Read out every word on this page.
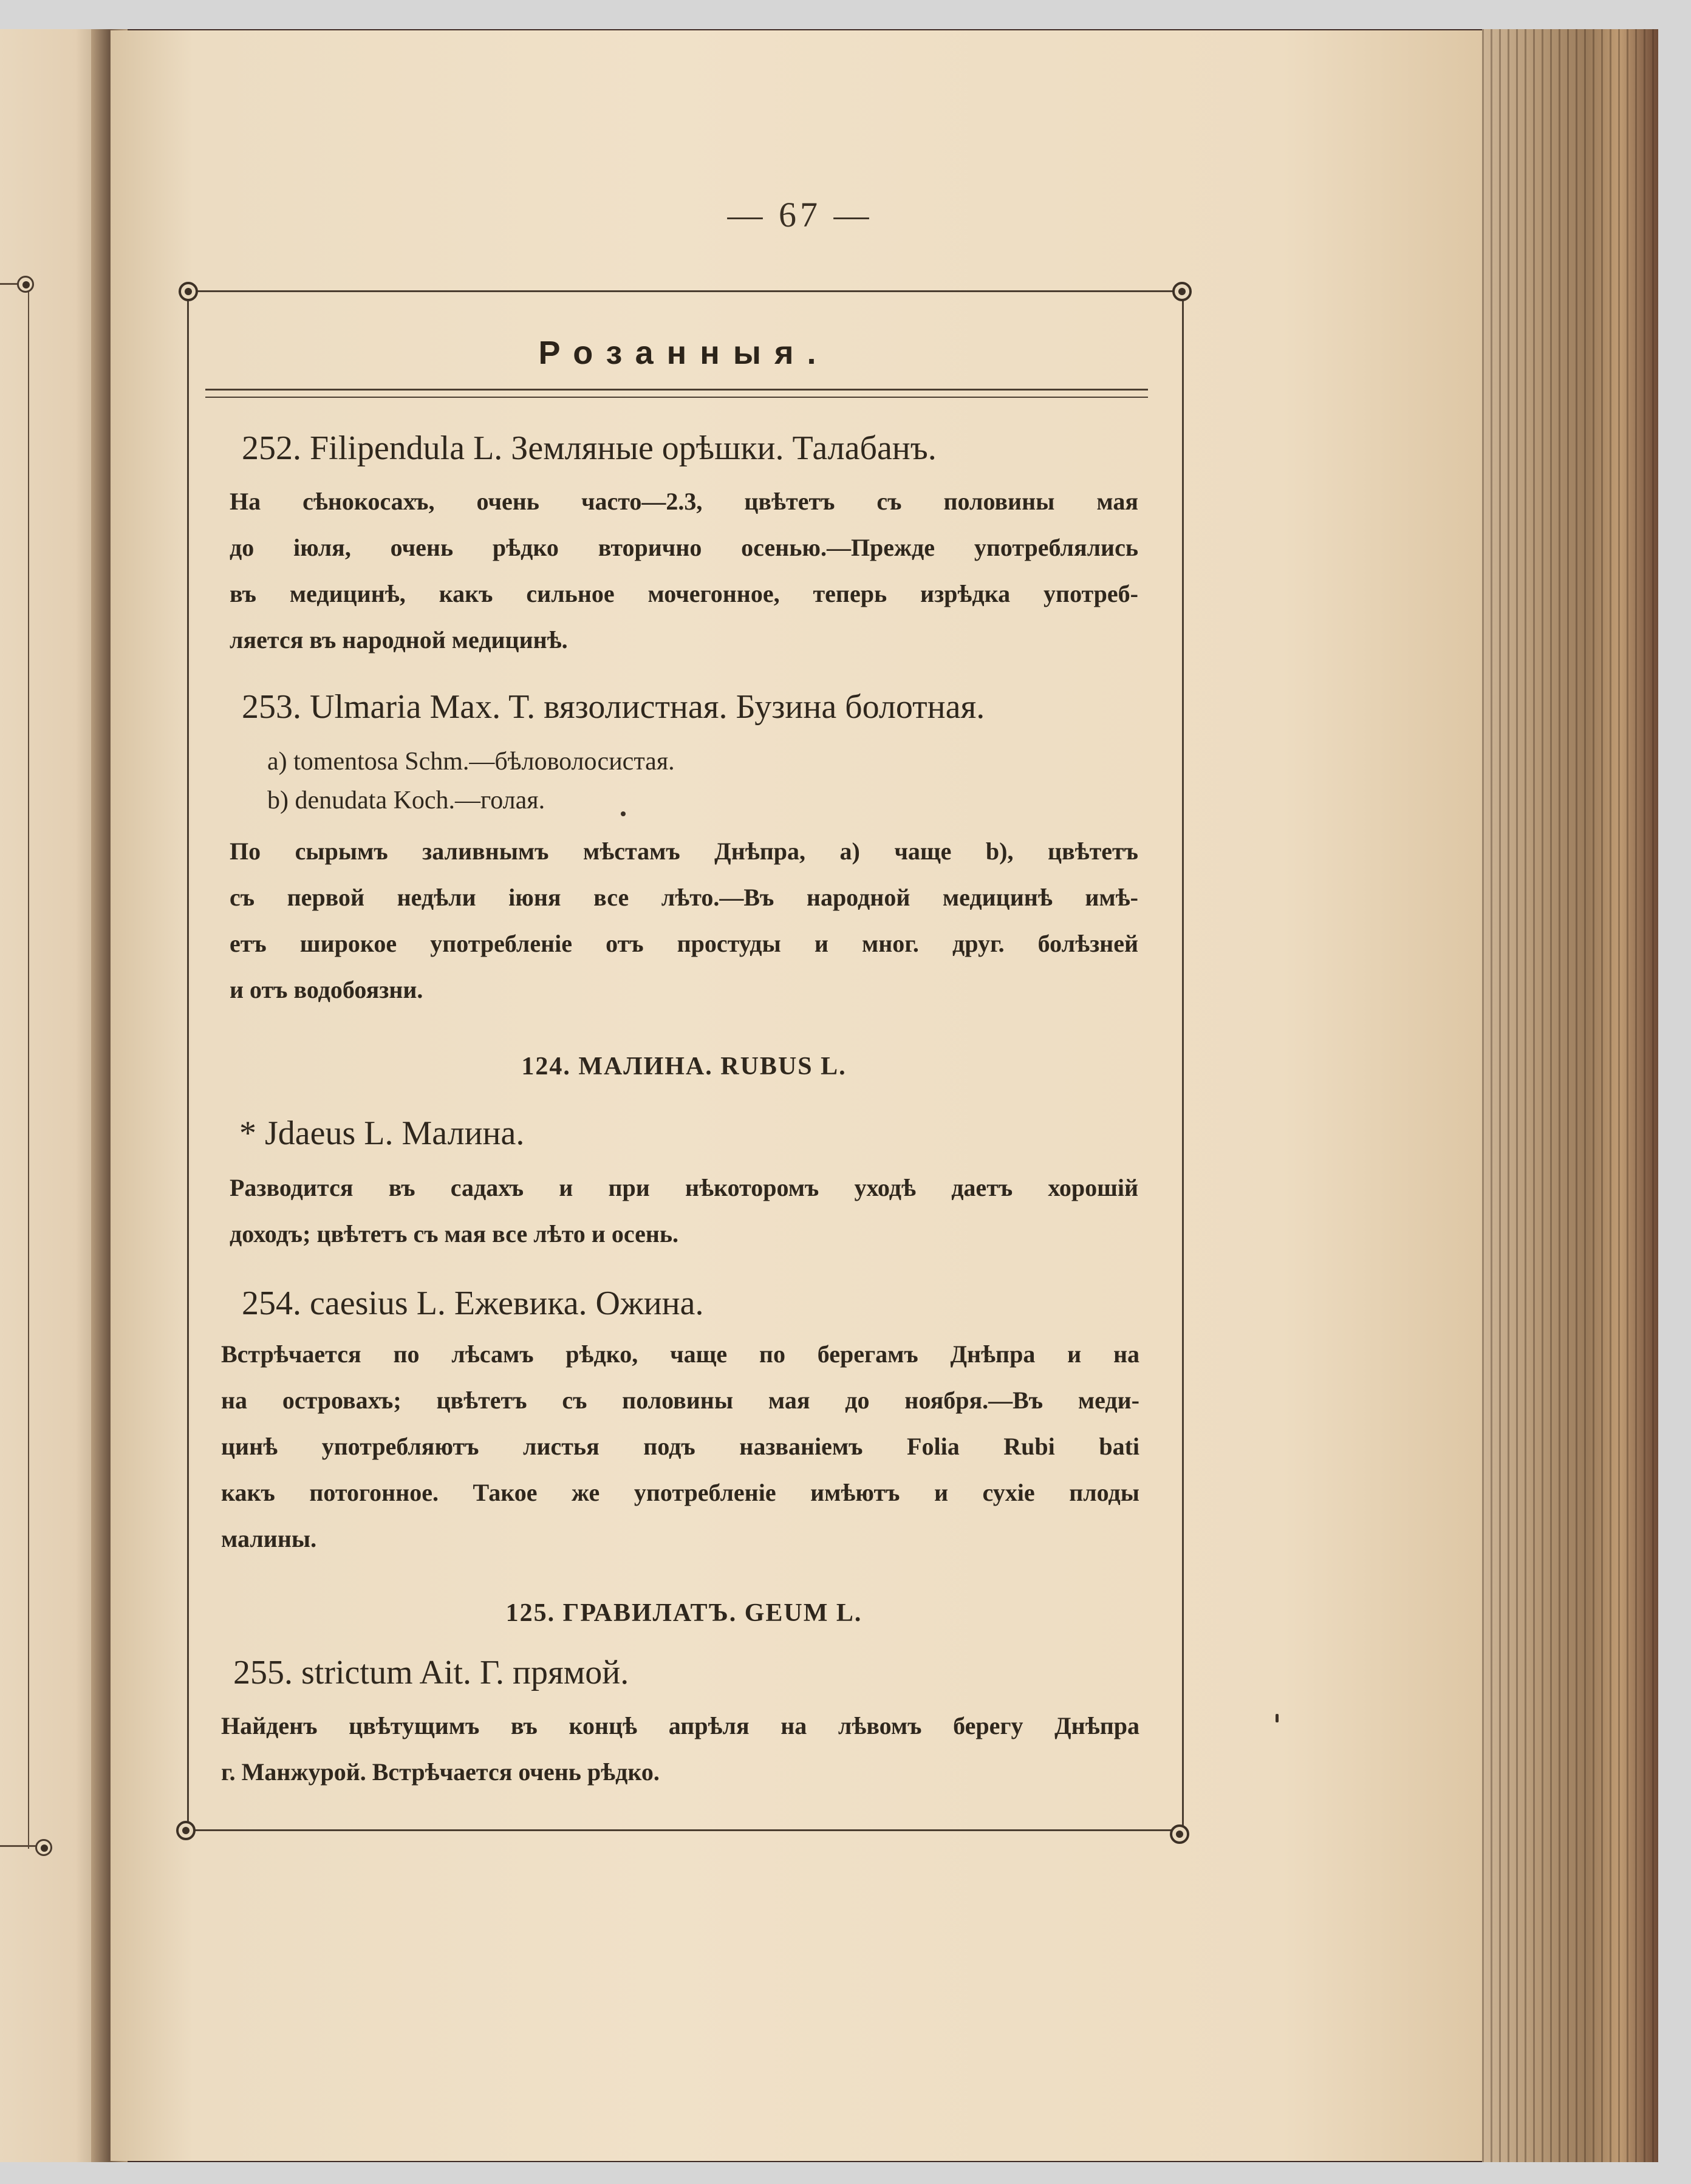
— 67 —
Розанныя.
252. Filipendula L. Земляные орѣшки. Талабанъ.
На сѣнокосахъ, очень часто—2.3, цвѣтетъ съ половины мая
до іюля, очень рѣдко вторично осенью.—Прежде употреблялись
въ медицинѣ, какъ сильное мочегонное, теперь изрѣдка употреб-
ляется въ народной медицинѣ.
253. Ulmaria Max. T. вязолистная. Бузина болотная.
a) tomentosa Schm.—бѣловолосистая.
b) denudata Koch.—голая.
По сырымъ заливнымъ мѣстамъ Днѣпра, a) чаще b), цвѣтетъ
съ первой недѣли іюня все лѣто.—Въ народной медицинѣ имѣ-
етъ широкое употребленіе отъ простуды и мног. друг. болѣзней
и отъ водобоязни.
124. МАЛИНА. RUBUS L.
* Jdaeus L. Малина.
Разводится въ садахъ и при нѣкоторомъ уходѣ даетъ хорошій
доходъ; цвѣтетъ съ мая все лѣто и осень.
254. caesius L. Ежевика. Ожина.
Встрѣчается по лѣсамъ рѣдко, чаще по берегамъ Днѣпра и на
на островахъ; цвѣтетъ съ половины мая до ноября.—Въ меди-
цинѣ употребляютъ листья подъ названіемъ Folia Rubi bati
какъ потогонное. Такое же употребленіе имѣютъ и сухіе плоды
малины.
125. ГРАВИЛАТЪ. GEUM L.
255. strictum Ait. Г. прямой.
Найденъ цвѣтущимъ въ концѣ апрѣля на лѣвомъ берегу Днѣпра
г. Манжурой. Встрѣчается очень рѣдко.
